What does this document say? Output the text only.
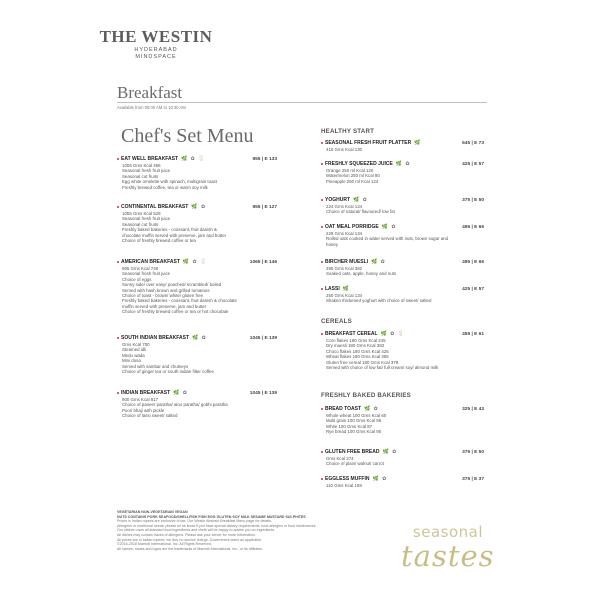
THE WESTIN
HYDERABAD
MINDSPACE
Breakfast
Available from 06:00 AM to 10:30 AM
Chef's Set Menu
EAT WELL BREAKFAST 🌿 ✿ 🥛	955 | E 133
1006 Gms Kcal 496
Seasonal fresh fruit juice
Seasonal cut fruits
Egg white omelette with spinach, multigrain toast
Freshly brewed coffee, tea or warm soy milk
CONTINENTAL BREAKFAST 🌿 ✿	955 | E 127
1055 Gms Kcal 528
Seasonal fresh fruit juice
Seasonal cut fruits
Freshly baked bakeries - croissant, fruit danish &
chocolate muffin served with preserve, jam and butter
Choice of freshly brewed coffee or tea
AMERICAN BREAKFAST 🌿 ✿ 🥛	1065 | E 146
965 Gms Kcal 748
Seasonal fresh fruit juice
Choice of eggs
Sunny side/ over easy/ poached/ scrambled/ boiled
Served with hash brown and grilled tomatoes
Choice of toast - brown/ white/ gluten free
Freshly baked bakeries - croissant, fruit danish & chocolate
muffin served with preserve, jam and butter
Choice of freshly brewed coffee or tea or hot chocolate
SOUTH INDIAN BREAKFAST 🌿 ✿	1045 | E 139
Gms Kcal 700
Steamed idli
Medu wada
Mini dosa
Served with sambar and chutneys
Choice of ginger tea or south indian filter coffee
INDIAN BREAKFAST 🌿 ✿	1045 | E 139
900 Gms Kcal 817
Choice of paneer paratha/ aloo paratha/ gobhi paratha
Poori bhaji with pickle
Choice of lassi sweet/ salted
HEALTHY START
SEASONAL FRESH FRUIT PLATTER 🌿	645 | E 73
416 Gms Kcal 130
FRESHLY SQUEEZED JUICE 🌿 ✿	425 | E 57
Orange 250 ml Kcal 120
Watermelon 250 ml Kcal 80
Pineapple 250 ml Kcal 124
YOGHURT 🌿 ✿	375 | E 50
224 Gms Kcal 134
Choice of natural/ flavoured/ low fat
OAT MEAL PORRIDGE 🌿 ✿	495 | E 66
229 Gms Kcal 134
Rolled oats cooked in water served with nuts, brown sugar and
honey
BIRCHER MUESLI 🌿 ✿	495 | E 66
295 Gms Kcal 382
Soaked oats, apple, honey and nuts
LASSI 🌿	425 | E 57
250 Gms Kcal 134
Shaken thickened yoghurt with choice of sweet/ salted
CEREALS
BREAKFAST CEREAL 🌿 ✿ 🥛	455 | E 61
Corn flakes 180 Gms Kcal 245
Dry muesli 180 Gms Kcal 383
Choco flakes 180 Gms Kcal 425
Wheat flakes 180 Gms Kcal 356
Gluten free cereal 180 Gms Kcal 378
Served with choice of low fat/ full cream/ soy/ almond milk
FRESHLY BAKED BAKERIES
BREAD TOAST 🌿 ✿	325 | E 43
Whole wheat 100 Gms Kcal 60
Multi grain 100 Gms Kcal 95
White 100 Gms Kcal 87
Rye bread 100 Gms Kcal 90
GLUTEN FREE BREAD 🌿 ✿	375 | E 50
Gms Kcal 274
Choice of plain/ walnut/ carrot
EGGLESS MUFFIN 🌿 ✿	375 | E 37
110 Gms Kcal 159
VEGETARIAN NON-VEGETARIAN VEGAN
NUTS CONTAINS PORK SEAFOOD/SHELLFISH FISH EGG GLUTEN SOY MILK SESAME MUSTARD SULPHITES
Prices in Indian rupees are exclusive of tax. Our Westin Abstract Breakfast Menu page for details.
Allergens or nutritional needs: please let us know if you have special dietary requirements, food allergies or food intolerances.
Our kitchen uses all standard food ingredients and chefs will be happy to advise you on ingredients.
All dishes may contain traces of allergens. Please ask your server for more information.
All prices are in Indian rupees; we levy no service charge. Government taxes as applicable.
©2016-2018 Marriott International, Inc. All Rights Reserved.
All names, marks and logos are the trademarks of Marriott International, Inc., or its affiliates.
seasonal
tastes
